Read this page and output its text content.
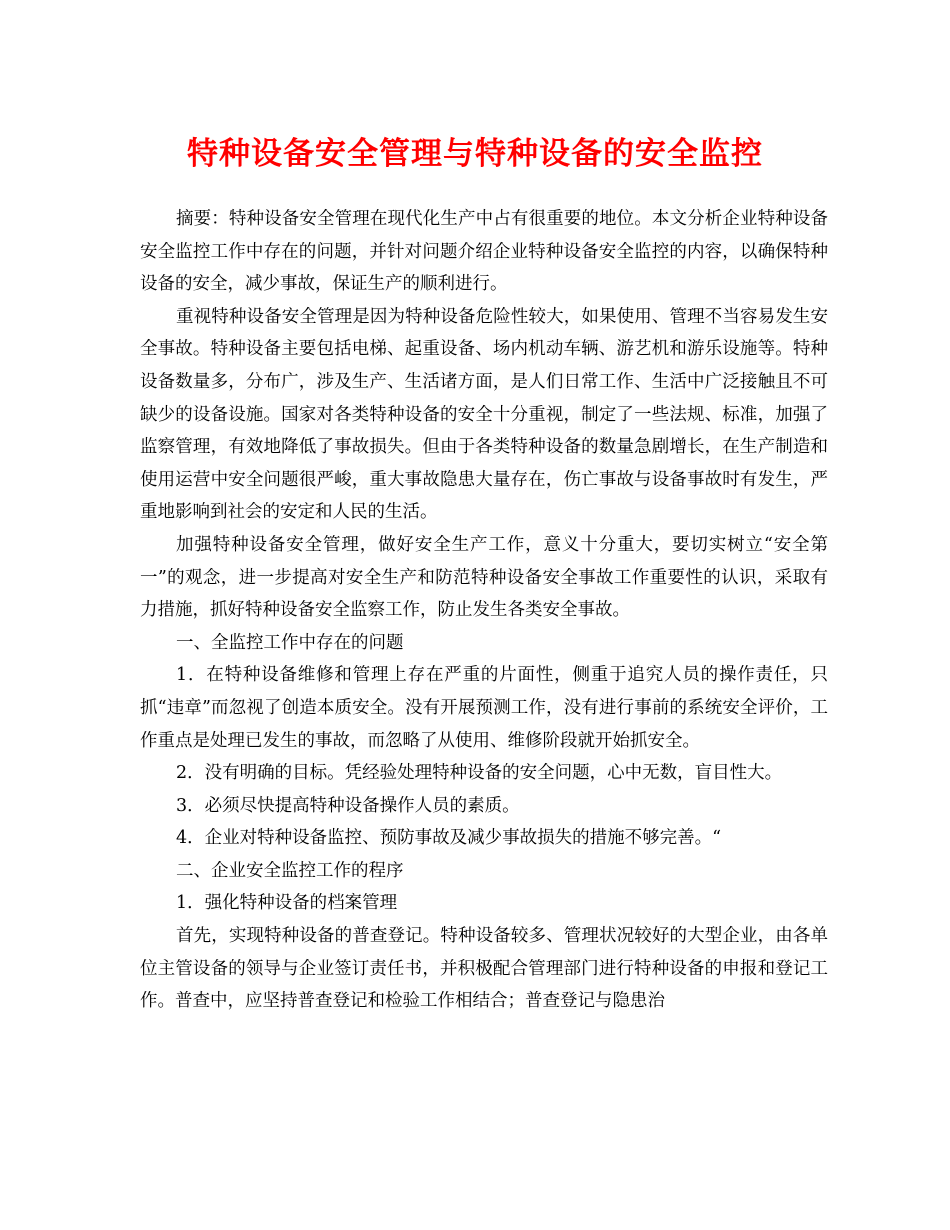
特种设备安全管理与特种设备的安全监控

摘要：特种设备安全管理在现代化生产中占有很重要的地位。本文分析企业特种设备安全监控工作中存在的问题，并针对问题介绍企业特种设备安全监控的内容，以确保特种设备的安全，减少事故，保证生产的顺利进行。

重视特种设备安全管理是因为特种设备危险性较大，如果使用、管理不当容易发生安全事故。特种设备主要包括电梯、起重设备、场内机动车辆、游艺机和游乐设施等。特种设备数量多，分布广，涉及生产、生活诸方面，是人们日常工作、生活中广泛接触且不可缺少的设备设施。国家对各类特种设备的安全十分重视，制定了一些法规、标准，加强了监察管理，有效地降低了事故损失。但由于各类特种设备的数量急剧增长，在生产制造和使用运营中安全问题很严峻，重大事故隐患大量存在，伤亡事故与设备事故时有发生，严重地影响到社会的安定和人民的生活。

加强特种设备安全管理，做好安全生产工作，意义十分重大，要切实树立“安全第一”的观念，进一步提高对安全生产和防范特种设备安全事故工作重要性的认识，采取有力措施，抓好特种设备安全监察工作，防止发生各类安全事故。

一、全监控工作中存在的问题

1．在特种设备维修和管理上存在严重的片面性，侧重于追究人员的操作责任，只抓“违章”而忽视了创造本质安全。没有开展预测工作，没有进行事前的系统安全评价，工作重点是处理已发生的事故，而忽略了从使用、维修阶段就开始抓安全。

2．没有明确的目标。凭经验处理特种设备的安全问题，心中无数，盲目性大。

3．必须尽快提高特种设备操作人员的素质。

4．企业对特种设备监控、预防事故及减少事故损失的措施不够完善。“

二、企业安全监控工作的程序

1．强化特种设备的档案管理

首先，实现特种设备的普查登记。特种设备较多、管理状况较好的大型企业，由各单位主管设备的领导与企业签订责任书，并积极配合管理部门进行特种设备的申报和登记工作。普查中，应坚持普查登记和检验工作相结合；普查登记与隐患治
